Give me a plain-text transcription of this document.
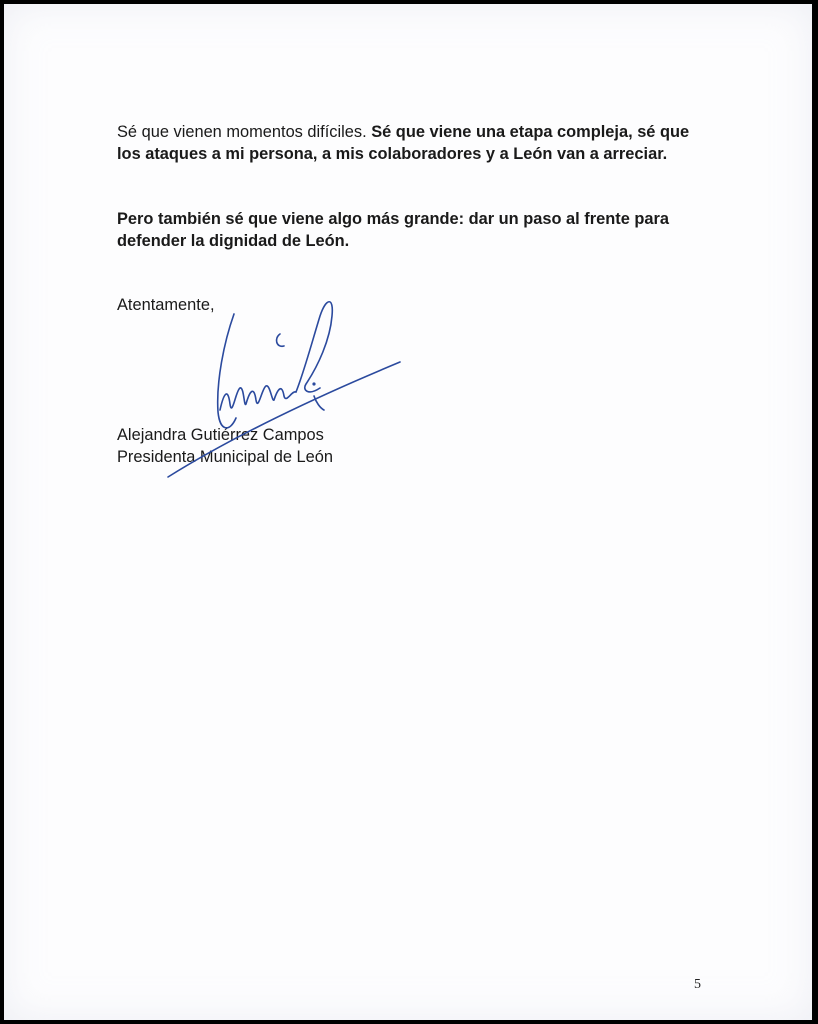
Sé que vienen momentos difíciles. Sé que viene una etapa compleja, sé que los ataques a mi persona, a mis colaboradores y a León van a arreciar.

Pero también sé que viene algo más grande: dar un paso al frente para defender la dignidad de León.

Atentamente,

Alejandra Gutiérrez Campos

Presidenta Municipal de León

5
